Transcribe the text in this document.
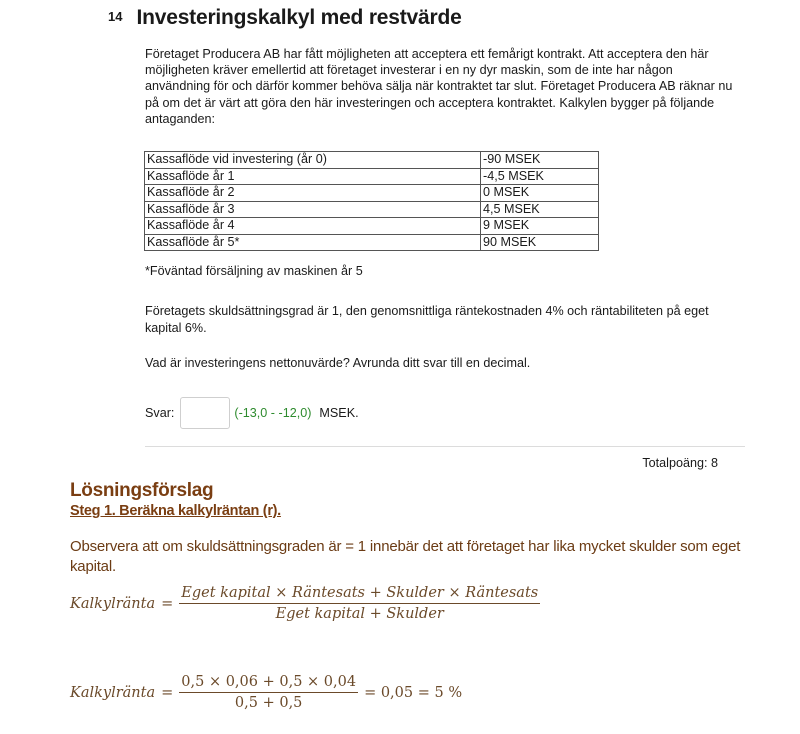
14 Investeringskalkyl med restvärde

Företaget Producera AB har fått möjligheten att acceptera ett femårigt kontrakt. Att acceptera den här möjligheten kräver emellertid att företaget investerar i en ny dyr maskin, som de inte har någon användning för och därför kommer behöva sälja när kontraktet tar slut. Företaget Producera AB räknar nu på om det är värt att göra den här investeringen och acceptera kontraktet. Kalkylen bygger på följande antaganden:

Kassaflöde vid investering (år 0)	-90 MSEK
Kassaflöde år 1	-4,5 MSEK
Kassaflöde år 2	0 MSEK
Kassaflöde år 3	4,5 MSEK
Kassaflöde år 4	9 MSEK
Kassaflöde år 5*	90 MSEK
*Föväntad försäljning av maskinen år 5
Företagets skuldsättningsgrad är 1, den genomsnittliga räntekostnaden 4% och räntabiliteten på eget kapital 6%.
Vad är investeringens nettonuvärde? Avrunda ditt svar till en decimal.
Svar:	(-13,0 - -12,0) MSEK.
Totalpoäng: 8
Lösningsförslag
Steg 1. Beräkna kalkylräntan (r).
Observera att om skuldsättningsgraden är = 1 innebär det att företaget har lika mycket skulder som eget kapital.
Kalkylränta = $\frac{\text{Eget kapital × Räntesats + Skulder × Räntesats}}{\text{Eget kapital + Skulder}}$
Kalkylränta = $\frac{0,5 \times 0,06 + 0,5 \times 0,04}{0,5 + 0,5} = 0,05 = 5$ %
